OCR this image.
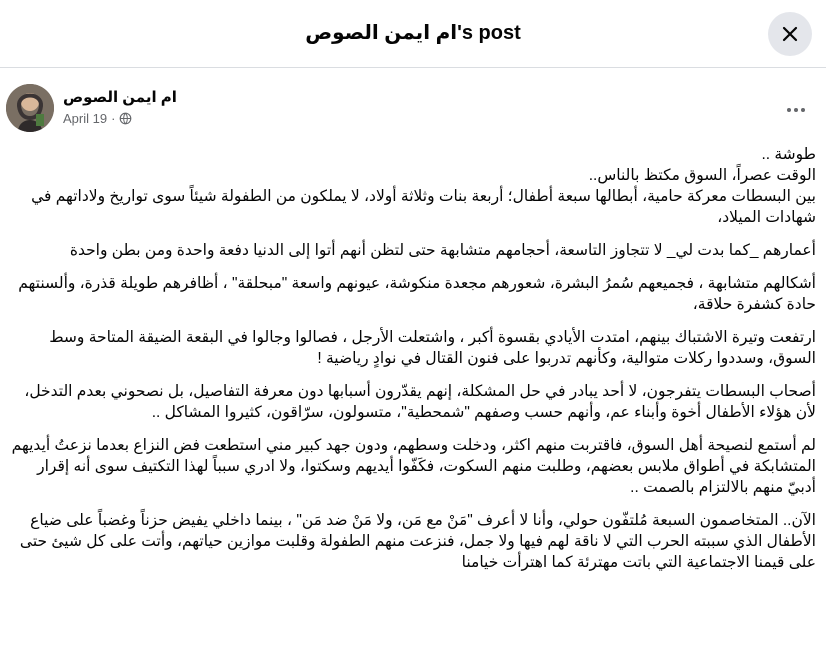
ام ايمن الصوص's post
ام ايمن الصوص
April 19 ·

طوشة ..

الوقت عصراً، السوق مكتظ بالناس..

بين البسطات معركة حامية، أبطالها سبعة أطفال؛ أربعة بنات وثلاثة أولاد، لا يملكون من الطفولة شيئاً سوى تواريخ ولاداتهم في شهادات الميلاد،

أعمارهم _كما بدت لي_ لا تتجاوز التاسعة، أحجامهم متشابهة حتى لتظن أنهم أتوا إلى الدنيا دفعة واحدة ومن بطن واحدة

أشكالهم متشابهة ، فجميعهم سُمرُ البشرة، شعورهم مجعدة منكوشة، عيونهم واسعة "مبحلقة" ، أظافرهم طويلة قذرة، وألسنتهم حادة كشفرة حلاقة،

ارتفعت وتيرة الاشتباك بينهم، امتدت الأيادي بقسوة أكبر ، واشتعلت الأرجل ، فصالوا وجالوا في البقعة الضيقة المتاحة وسط السوق، وسددوا ركلات متوالية، وكأنهم تدربوا على فنون القتال في نوادٍ رياضية !

أصحاب البسطات يتفرجون، لا أحد يبادر في حل المشكلة، إنهم يقدّرون أسبابها دون معرفة التفاصيل، بل نصحوني بعدم التدخل، لأن هؤلاء الأطفال أخوة وأبناء عم، وأنهم حسب وصفهم "شمحطية"، متسولون، سرّاقون، كثيروا المشاكل ..

لم أستمع لنصيحة أهل السوق، فاقتربت منهم اكثر، ودخلت وسطهم، ودون جهد كبير مني استطعت فض النزاع بعدما نزعتُ أيديهم المتشابكة في أطواق ملابس بعضهم، وطلبت منهم السكوت، فكَفّوا أيديهم وسكتوا، ولا ادري سبباً لهذا التكتيف سوى أنه إقرار أدبيّ منهم بالالتزام بالصمت ..

الآن.. المتخاصمون السبعة مُلتفّون حولي، وأنا لا أعرف "مَنْ مع مَن، ولا مَنْ ضد مَن" ، بينما داخلي يفيض حزناً وغضباً على ضياع الأطفال الذي سببته الحرب التي لا ناقة لهم فيها ولا جمل، فنزعت منهم الطفولة وقلبت موازين حياتهم، وأتت على كل شيئ حتى على قيمنا الاجتماعية التي باتت مهترئة كما اهترأت خيامنا
